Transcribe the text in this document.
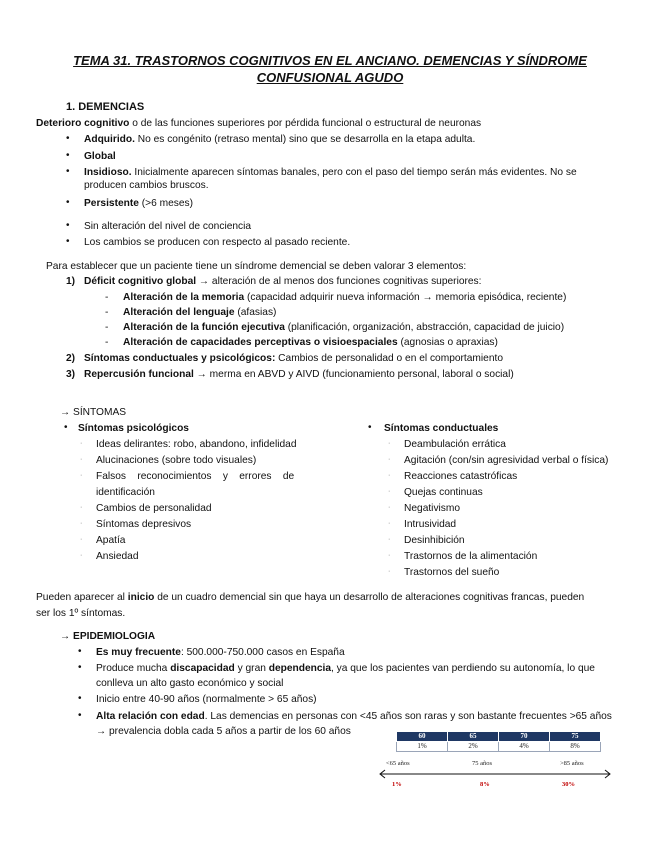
TEMA 31. TRASTORNOS COGNITIVOS EN EL ANCIANO. DEMENCIAS Y SÍNDROME
CONFUSIONAL AGUDO
1. DEMENCIAS
Deterioro cognitivo o de las funciones superiores por pérdida funcional o estructural de neuronas
• Adquirido. No es congénito (retraso mental) sino que se desarrolla en la etapa adulta.
• Global
• Insidioso. Inicialmente aparecen síntomas banales, pero con el paso del tiempo serán más evidentes. No se producen cambios bruscos.
• Persistente (>6 meses)
• Sin alteración del nivel de conciencia
• Los cambios se producen con respecto al pasado reciente.
Para establecer que un paciente tiene un síndrome demencial se deben valorar 3 elementos:
1) Déficit cognitivo global → alteración de al menos dos funciones cognitivas superiores:
- Alteración de la memoria (capacidad adquirir nueva información → memoria episódica, reciente)
- Alteración del lenguaje (afasias)
- Alteración de la función ejecutiva (planificación, organización, abstracción, capacidad de juicio)
- Alteración de capacidades perceptivas o visioespaciales (agnosias o apraxias)
2) Síntomas conductuales y psicológicos: Cambios de personalidad o en el comportamiento
3) Repercusión funcional → merma en ABVD y AIVD (funcionamiento personal, laboral o social)
→ SÍNTOMAS
• Síntomas psicológicos
· Ideas delirantes: robo, abandono, infidelidad
· Alucinaciones (sobre todo visuales)
· Falsos    reconocimientos    y    errores    de
identificación
· Cambios de personalidad
· Síntomas depresivos
· Apatía
· Ansiedad
• Síntomas conductuales
· Deambulación errática
· Agitación (con/sin agresividad verbal o física)
· Reacciones catastróficas
· Quejas continuas
· Negativismo
· Intrusividad
· Desinhibición
· Trastornos de la alimentación
· Trastornos del sueño
Pueden aparecer al inicio de un cuadro demencial sin que haya un desarrollo de alteraciones cognitivas francas, pueden
ser los 1º síntomas.
→ EPIDEMIOLOGIA
• Es muy frecuente: 500.000-750.000 casos en España
• Produce mucha discapacidad y gran dependencia, ya que los pacientes van perdiendo su autonomía, lo que
conlleva un alto gasto económico y social
• Inicio entre 40-90 años (normalmente > 65 años)
• Alta relación con edad. Las demencias en personas con <45 años son raras y son bastante frecuentes >65 años
→ prevalencia dobla cada 5 años a partir de los 60 años	60	65	70	75
1%	2%	4%	8%
<65 años	75 años	>85 años
1%	8%	30%
